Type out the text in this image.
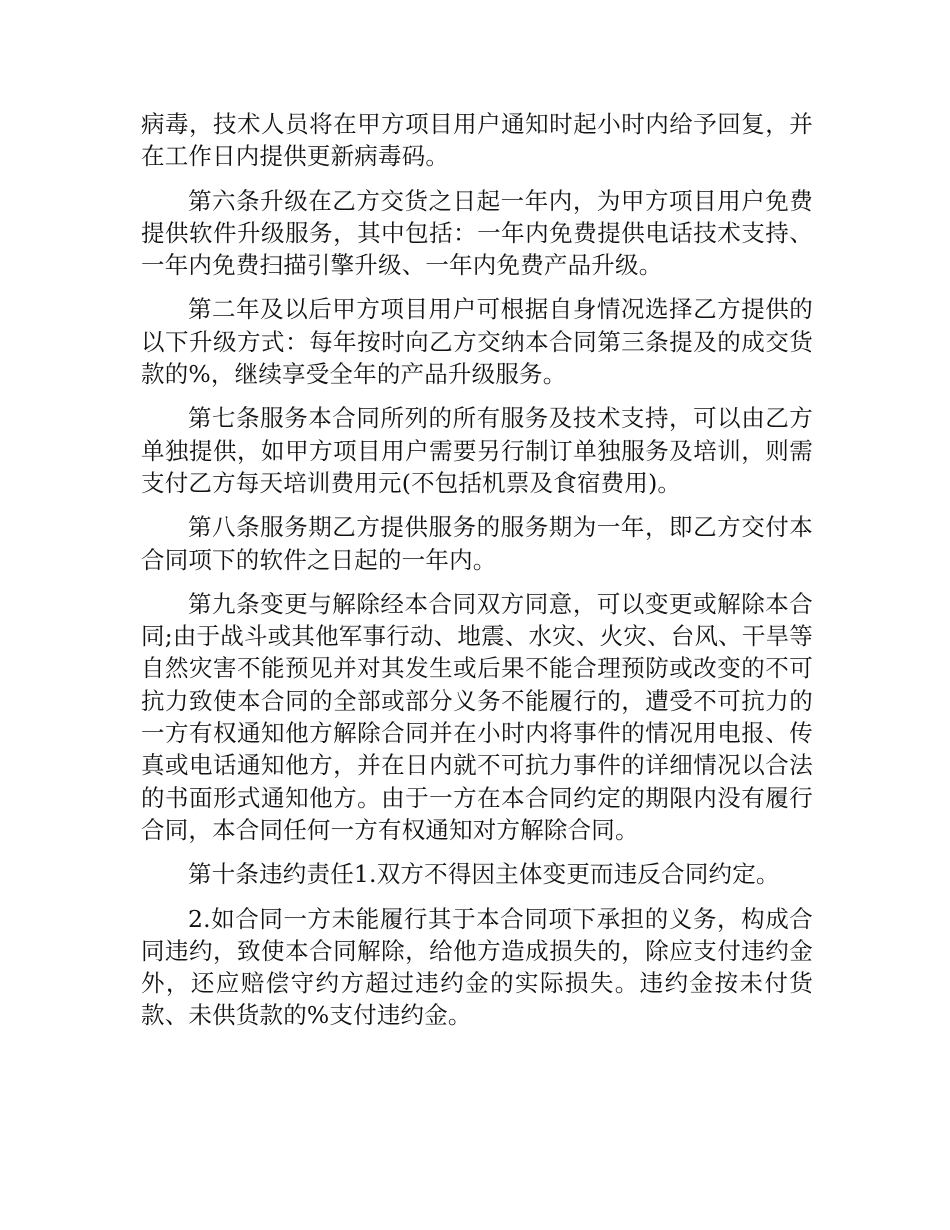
病毒，技术人员将在甲方项目用户通知时起小时内给予回复，并在工作日内提供更新病毒码。

第六条升级在乙方交货之日起一年内，为甲方项目用户免费提供软件升级服务，其中包括：一年内免费提供电话技术支持、一年内免费扫描引擎升级、一年内免费产品升级。

第二年及以后甲方项目用户可根据自身情况选择乙方提供的以下升级方式：每年按时向乙方交纳本合同第三条提及的成交货款的%，继续享受全年的产品升级服务。

第七条服务本合同所列的所有服务及技术支持，可以由乙方单独提供，如甲方项目用户需要另行制订单独服务及培训，则需支付乙方每天培训费用元(不包括机票及食宿费用)。

第八条服务期乙方提供服务的服务期为一年，即乙方交付本合同项下的软件之日起的一年内。

第九条变更与解除经本合同双方同意，可以变更或解除本合同;由于战斗或其他军事行动、地震、水灾、火灾、台风、干旱等自然灾害不能预见并对其发生或后果不能合理预防或改变的不可抗力致使本合同的全部或部分义务不能履行的，遭受不可抗力的一方有权通知他方解除合同并在小时内将事件的情况用电报、传真或电话通知他方，并在日内就不可抗力事件的详细情况以合法的书面形式通知他方。由于一方在本合同约定的期限内没有履行合同，本合同任何一方有权通知对方解除合同。

第十条违约责任1.双方不得因主体变更而违反合同约定。

2.如合同一方未能履行其于本合同项下承担的义务，构成合同违约，致使本合同解除，给他方造成损失的，除应支付违约金外，还应赔偿守约方超过违约金的实际损失。违约金按未付货款、未供货款的%支付违约金。
